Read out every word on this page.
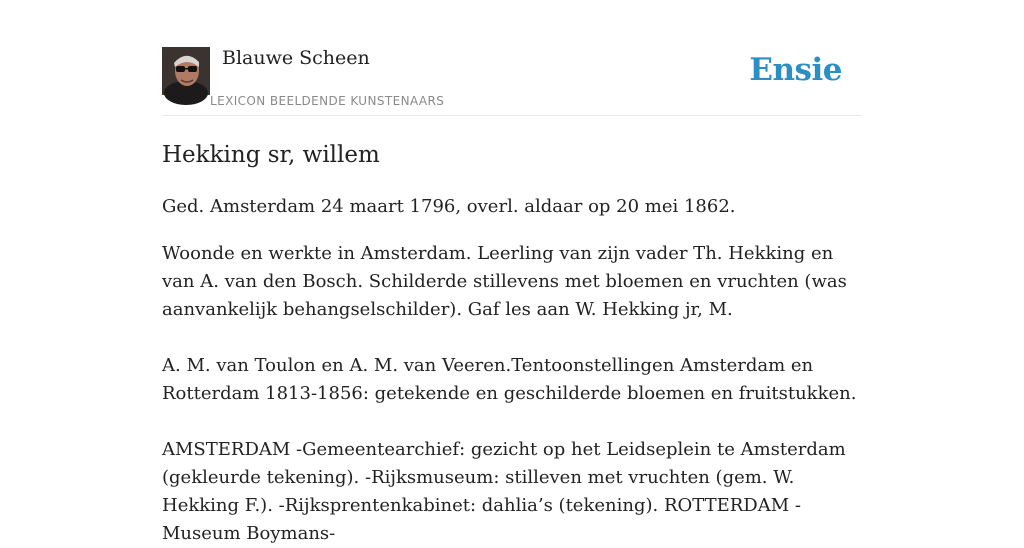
Blauwe Scheen
LEXICON BEELDENDE KUNSTENAARS
Ensie
Hekking sr, willem

Ged. Amsterdam 24 maart 1796, overl. aldaar op 20 mei 1862.

Woonde en werkte in Amsterdam. Leerling van zijn vader Th. Hekking en van A. van den Bosch. Schilderde stillevens met bloemen en vruchten (was aanvankelijk behangselschilder). Gaf les aan W. Hekking jr, M.

A. M. van Toulon en A. M. van Veeren.Tentoonstellingen Amsterdam en Rotterdam 1813-1856: getekende en geschilderde bloemen en fruitstukken.

AMSTERDAM -Gemeentearchief: gezicht op het Leidseplein te Amsterdam (gekleurde tekening). -Rijksmuseum: stilleven met vruchten (gem. W. Hekking F.). -Rijksprentenkabinet: dahlia’s (tekening). ROTTERDAM -Museum Boymans-
